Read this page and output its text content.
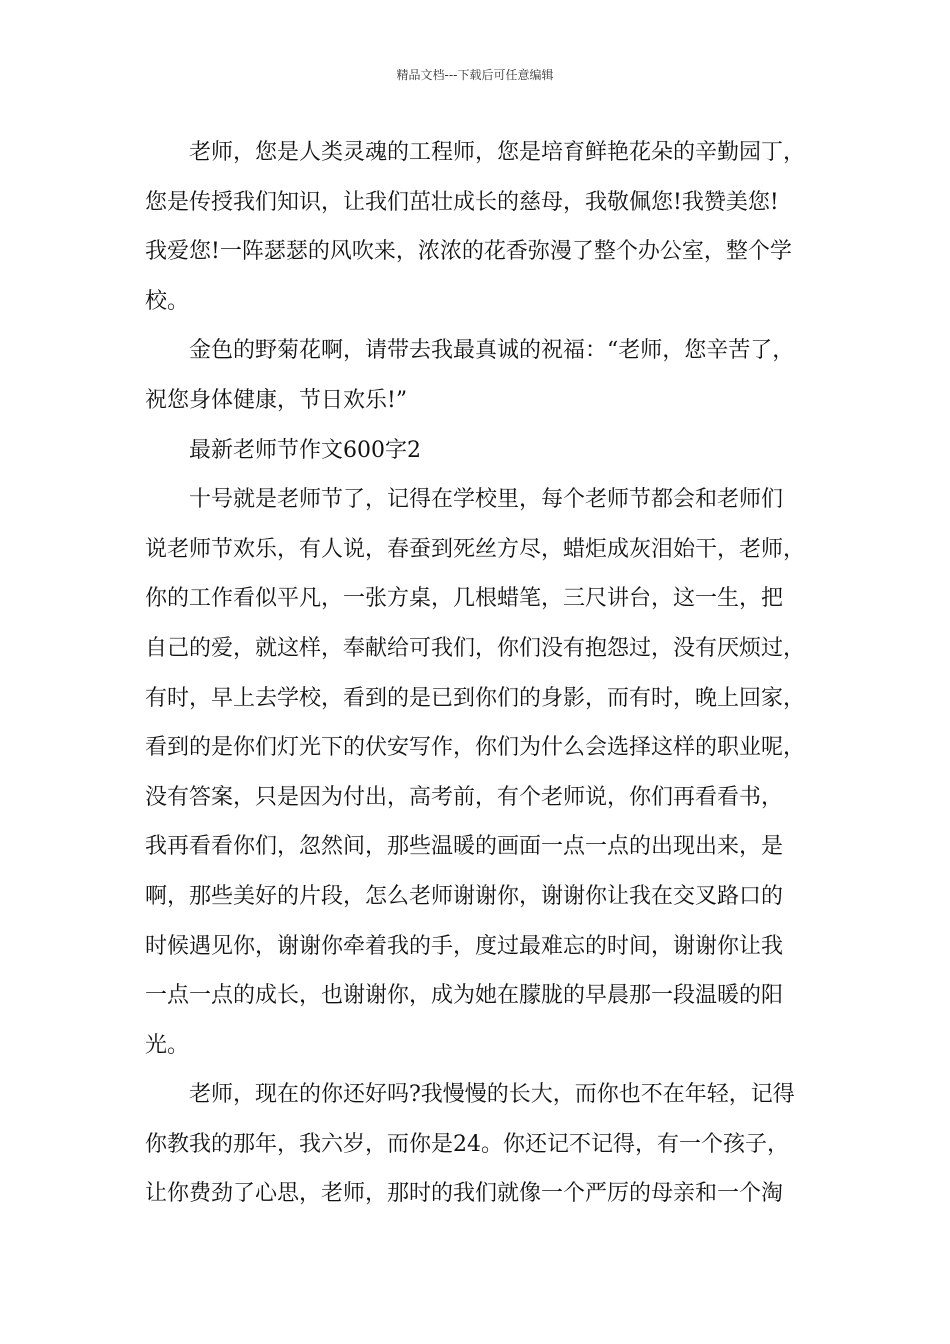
精品文档---下载后可任意编辑

老师，您是人类灵魂的工程师，您是培育鲜艳花朵的辛勤园丁，
您是传授我们知识，让我们茁壮成长的慈母，我敬佩您!我赞美您!
我爱您!一阵瑟瑟的风吹来，浓浓的花香弥漫了整个办公室，整个学
校。

金色的野菊花啊，请带去我最真诚的祝福：“老师，您辛苦了，
祝您身体健康，节日欢乐!”

最新老师节作文600字2

十号就是老师节了，记得在学校里，每个老师节都会和老师们
说老师节欢乐，有人说，春蚕到死丝方尽，蜡炬成灰泪始干，老师，
你的工作看似平凡，一张方桌，几根蜡笔，三尺讲台，这一生，把
自己的爱，就这样，奉献给可我们，你们没有抱怨过，没有厌烦过，
有时，早上去学校，看到的是已到你们的身影，而有时，晚上回家，
看到的是你们灯光下的伏安写作，你们为什么会选择这样的职业呢，
没有答案，只是因为付出，高考前，有个老师说，你们再看看书，
我再看看你们，忽然间，那些温暖的画面一点一点的出现出来，是
啊，那些美好的片段，怎么老师谢谢你，谢谢你让我在交叉路口的
时候遇见你，谢谢你牵着我的手，度过最难忘的时间，谢谢你让我
一点一点的成长，也谢谢你，成为她在朦胧的早晨那一段温暖的阳
光。

老师，现在的你还好吗?我慢慢的长大，而你也不在年轻，记得
你教我的那年，我六岁，而你是24。你还记不记得，有一个孩子，
让你费劲了心思，老师，那时的我们就像一个严厉的母亲和一个淘
